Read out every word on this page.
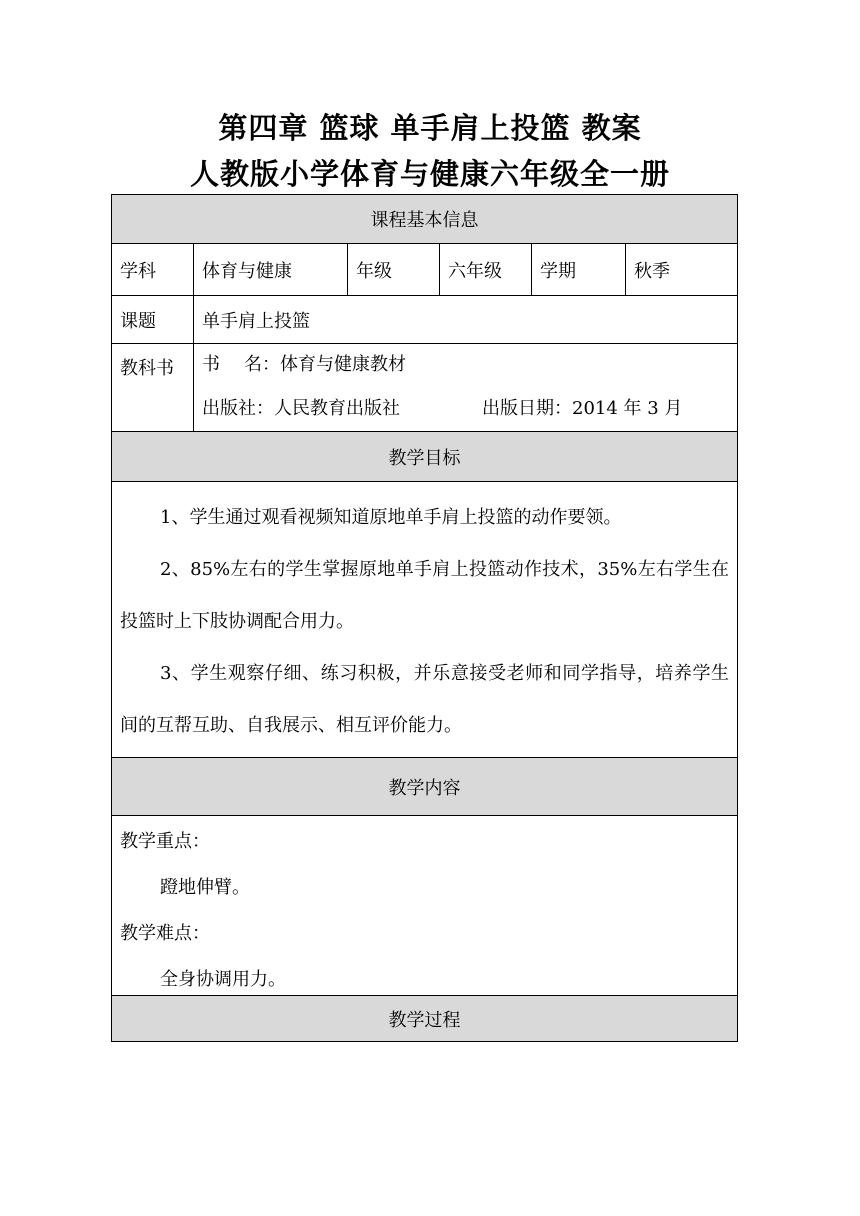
第四章 篮球 单手肩上投篮 教案
人教版小学体育与健康六年级全一册
课程基本信息					
学科	体育与健康	年级	六年级	学期	秋季
课题	单手肩上投篮				
教科书	书 名：体育与健康教材
出版社：人民教育出版社 出版日期：2014 年 3 月				

教学目标					

1、学生通过观看视频知道原地单手肩上投篮的动作要领。

2、85%左右的学生掌握原地单手肩上投篮动作技术，35%左右学生在投篮时上下肢协调配合用力。

3、学生观察仔细、练习积极，并乐意接受老师和同学指导，培养学生间的互帮互助、自我展示、相互评价能力。					

教学内容					

教学重点：
蹬地伸臂。
教学难点：
全身协调用力。					

教学过程					
